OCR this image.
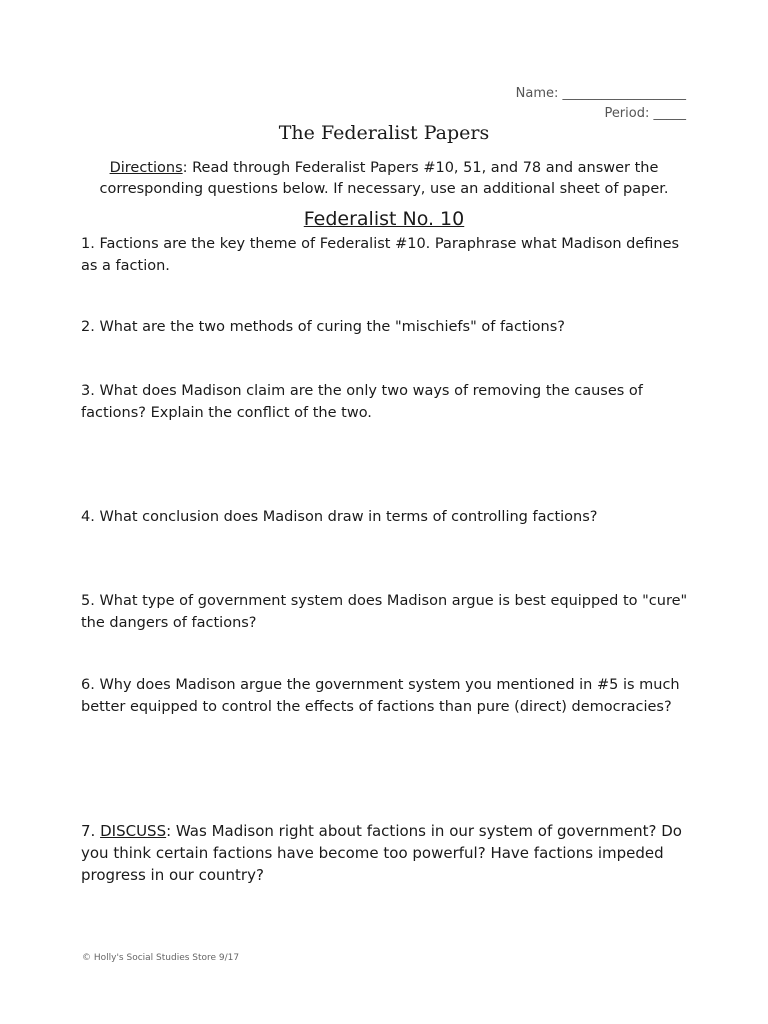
Name: ___________________
Period: _____
The Federalist Papers
Directions: Read through Federalist Papers #10, 51, and 78 and answer the corresponding questions below. If necessary, use an additional sheet of paper.
Federalist No. 10
1. Factions are the key theme of Federalist #10. Paraphrase what Madison defines as a faction.
2. What are the two methods of curing the "mischiefs" of factions?
3. What does Madison claim are the only two ways of removing the causes of factions? Explain the conflict of the two.
4. What conclusion does Madison draw in terms of controlling factions?
5. What type of government system does Madison argue is best equipped to "cure" the dangers of factions?
6. Why does Madison argue the government system you mentioned in #5 is much better equipped to control the effects of factions than pure (direct) democracies?
7. DISCUSS: Was Madison right about factions in our system of government? Do you think certain factions have become too powerful? Have factions impeded progress in our country?
© Holly's Social Studies Store 9/17
